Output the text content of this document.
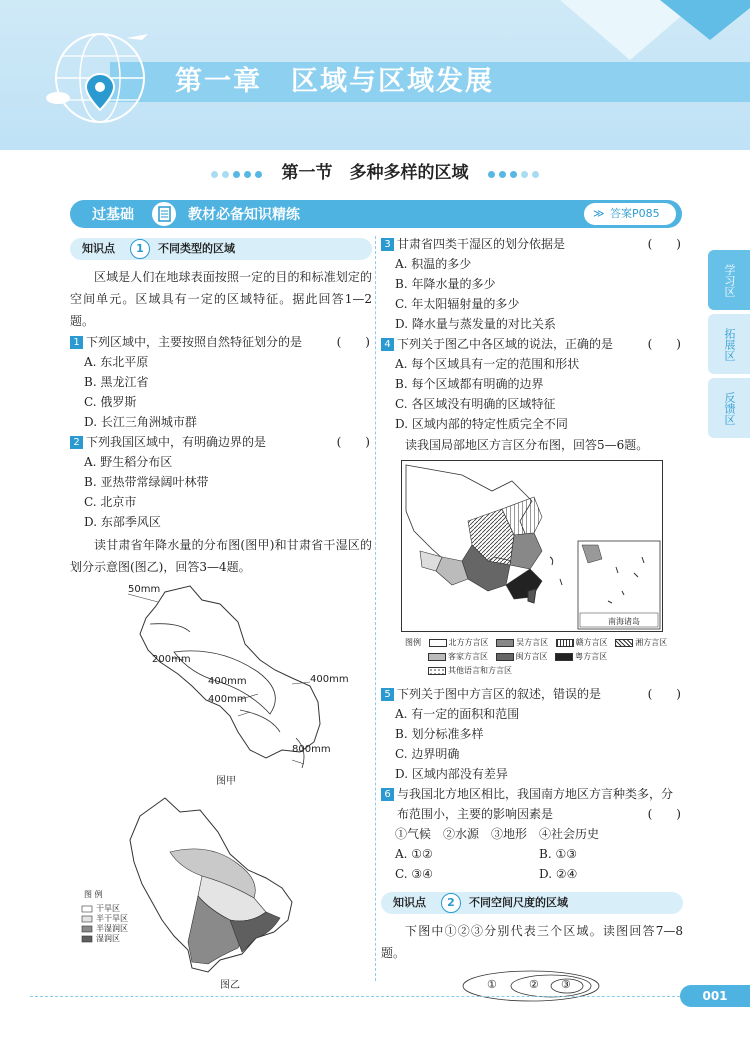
第一章　区域与区域发展
第一节　多种多样的区域
过基础	教材必备知识精练	≫ 答案P085
学习区
拓展区
反馈区
知识点	1	不同类型的区域

区域是人们在地球表面按照一定的目的和标准划定的空间单元。区域具有一定的区域特征。据此回答1—2题。

1 下列区域中，主要按照自然特征划分的是	(　　)
A. 东北平原
B. 黑龙江省
C. 俄罗斯
D. 长江三角洲城市群
2 下列我国区域中，有明确边界的是	(　　)
A. 野生稻分布区
B. 亚热带常绿阔叶林带
C. 北京市
D. 东部季风区

读甘肃省年降水量的分布图(图甲)和甘肃省干湿区的划分示意图(图乙)，回答3—4题。

50mm
200mm
400mm	400mm
400mm
800mm
图甲
图 例
干旱区
半干旱区
半湿润区
湿润区
图乙
3 甘肃省四类干湿区的划分依据是	(　　)
A. 积温的多少
B. 年降水量的多少
C. 年太阳辐射量的多少
D. 降水量与蒸发量的对比关系
4 下列关于图乙中各区域的说法，正确的是	(　　)
A. 每个区域具有一定的范围和形状
B. 每个区域都有明确的边界
C. 各区域没有明确的区域特征
D. 区域内部的特定性质完全不同

读我国局部地区方言区分布图，回答5—6题。

南海诸岛
图例	北方方言区	吴方言区	赣方言区	湘方言区
客家方言区	闽方言区	粤方言区
其他语言和方言区
5 下列关于图中方言区的叙述，错误的是	(　　)
A. 有一定的面积和范围
B. 划分标准多样
C. 边界明确
D. 区域内部没有差异
6 与我国北方地区相比，我国南方地区方言种类多，分布范围小，主要的影响因素是	(　　)
①气候　②水源　③地形　④社会历史
A. ①②	B. ①③
C. ③④	D. ②④
知识点	2	不同空间尺度的区域

下图中①②③分别代表三个区域。读图回答7—8题。

①	② ③
001
